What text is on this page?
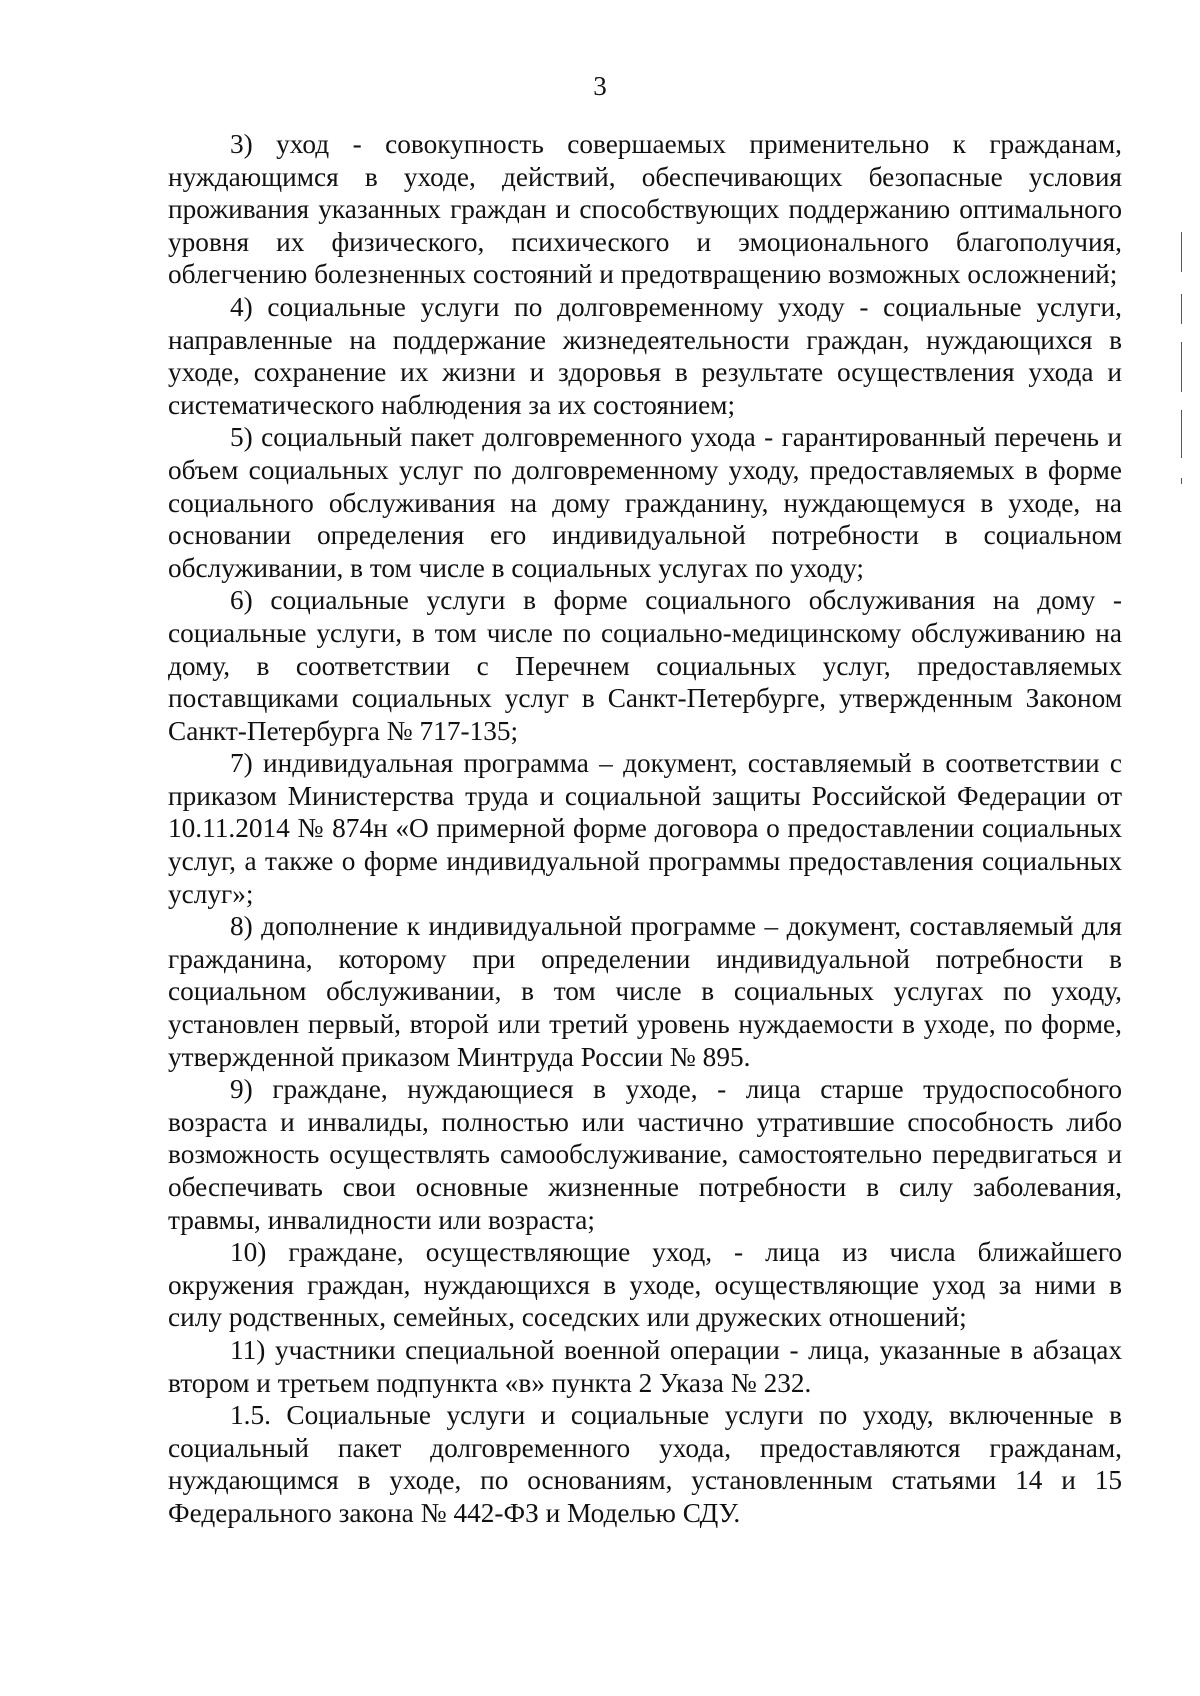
3

3) уход - совокупность совершаемых применительно к гражданам, нуждающимся в уходе, действий, обеспечивающих безопасные условия проживания указанных граждан и способствующих поддержанию оптимального уровня их физического, психического и эмоционального благополучия, облегчению болезненных состояний и предотвращению возможных осложнений;

4) социальные услуги по долговременному уходу - социальные услуги, направленные на поддержание жизнедеятельности граждан, нуждающихся в уходе, сохранение их жизни и здоровья в результате осуществления ухода и систематического наблюдения за их состоянием;

5) социальный пакет долговременного ухода - гарантированный перечень и объем социальных услуг по долговременному уходу, предоставляемых в форме социального обслуживания на дому гражданину, нуждающемуся в уходе, на основании определения его индивидуальной потребности в социальном обслуживании, в том числе в социальных услугах по уходу;

6) социальные услуги в форме социального обслуживания на дому - социальные услуги, в том числе по социально-медицинскому обслуживанию на дому, в соответствии с Перечнем социальных услуг, предоставляемых поставщиками социальных услуг в Санкт-Петербурге, утвержденным Законом Санкт-Петербурга № 717-135;

7) индивидуальная программа – документ, составляемый в соответствии с приказом Министерства труда и социальной защиты Российской Федерации от 10.11.2014 № 874н «О примерной форме договора о предоставлении социальных услуг, а также о форме индивидуальной программы предоставления социальных услуг»;

8) дополнение к индивидуальной программе – документ, составляемый для гражданина, которому при определении индивидуальной потребности в социальном обслуживании, в том числе в социальных услугах по уходу, установлен первый, второй или третий уровень нуждаемости в уходе, по форме, утвержденной приказом Минтруда России № 895.

9) граждане, нуждающиеся в уходе, - лица старше трудоспособного возраста и инвалиды, полностью или частично утратившие способность либо возможность осуществлять самообслуживание, самостоятельно передвигаться и обеспечивать свои основные жизненные потребности в силу заболевания, травмы, инвалидности или возраста;

10) граждане, осуществляющие уход, - лица из числа ближайшего окружения граждан, нуждающихся в уходе, осуществляющие уход за ними в силу родственных, семейных, соседских или дружеских отношений;

11) участники специальной военной операции - лица, указанные в абзацах втором и третьем подпункта «в» пункта 2 Указа № 232.

1.5. Социальные услуги и социальные услуги по уходу, включенные в социальный пакет долговременного ухода, предоставляются гражданам, нуждающимся в уходе, по основаниям, установленным статьями 14 и 15 Федерального закона № 442-ФЗ и Моделью СДУ.
